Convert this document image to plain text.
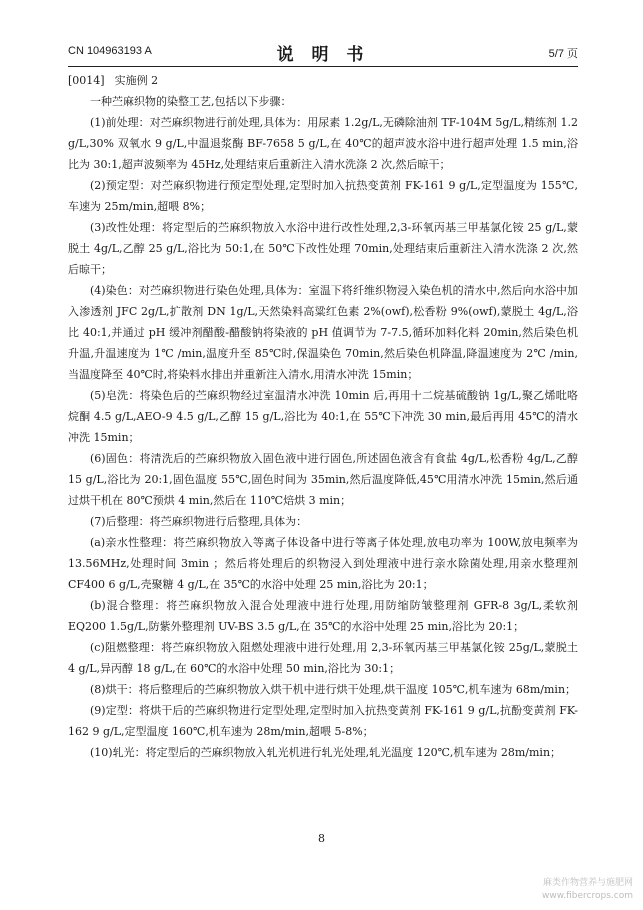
CN 104963193 A	说 明 书	5/7 页

[0014] 实施例 2

一种苎麻织物的染整工艺,包括以下步骤：

(1)前处理：对苎麻织物进行前处理,具体为：用尿素 1.2g/L,无磷除油剂 TF-104M 5g/L,精练剂 1.2 g/L,30% 双氧水 9 g/L,中温退浆酶 BF-7658 5 g/L,在 40℃的超声波水浴中进行超声处理 1.5 min,浴比为 30:1,超声波频率为 45Hz,处理结束后重新注入清水洗涤 2 次,然后晾干；

(2)预定型：对苎麻织物进行预定型处理,定型时加入抗热变黄剂 FK-161 9 g/L,定型温度为 155℃,车速为 25m/min,超喂 8%；

(3)改性处理：将定型后的苎麻织物放入水浴中进行改性处理,2,3-环氧丙基三甲基氯化铵 25 g/L,蒙脱土 4g/L,乙醇 25 g/L,浴比为 50:1,在 50℃下改性处理 70min,处理结束后重新注入清水洗涤 2 次,然后晾干；

(4)染色：对苎麻织物进行染色处理,具体为：室温下将纤维织物浸入染色机的清水中,然后向水浴中加入渗透剂 JFC 2g/L,扩散剂 DN 1g/L,天然染料高粱红色素 2%(owf),松香粉 9%(owf),蒙脱土 4g/L,浴比 40:1,并通过 pH 缓冲剂醋酸-醋酸钠将染液的 pH 值调节为 7-7.5,循环加料化料 20min,然后染色机升温,升温速度为 1℃ /min,温度升至 85℃时,保温染色 70min,然后染色机降温,降温速度为 2℃ /min,当温度降至 40℃时,将染料水排出并重新注入清水,用清水冲洗 15min；

(5)皂洗：将染色后的苎麻织物经过室温清水冲洗 10min 后,再用十二烷基硫酸钠 1g/L,聚乙烯吡咯烷酮 4.5 g/L,AEO-9 4.5 g/L,乙醇 15 g/L,浴比为 40:1,在 55℃下冲洗 30 min,最后再用 45℃的清水冲洗 15min；

(6)固色：将清洗后的苎麻织物放入固色液中进行固色,所述固色液含有食盐 4g/L,松香粉 4g/L,乙醇 15 g/L,浴比为 20:1,固色温度 55℃,固色时间为 35min,然后温度降低,45℃用清水冲洗 15min,然后通过烘干机在 80℃预烘 4 min,然后在 110℃焙烘 3 min；

(7)后整理：将苎麻织物进行后整理,具体为：

(a)亲水性整理：将苎麻织物放入等离子体设备中进行等离子体处理,放电功率为 100W,放电频率为 13.56MHz,处理时间 3min ；然后将处理后的织物浸入到处理液中进行亲水除菌处理,用亲水整理剂 CF400 6 g/L,壳聚糖 4 g/L,在 35℃的水浴中处理 25 min,浴比为 20:1；

(b)混合整理：将苎麻织物放入混合处理液中进行处理,用防缩防皱整理剂 GFR-8 3g/L,柔软剂 EQ200 1.5g/L,防紫外整理剂 UV-BS 3.5 g/L,在 35℃的水浴中处理 25 min,浴比为 20:1；

(c)阻燃整理：将苎麻织物放入阻燃处理液中进行处理,用 2,3-环氧丙基三甲基氯化铵 25g/L,蒙脱土 4 g/L,异丙醇 18 g/L,在 60℃的水浴中处理 50 min,浴比为 30:1；

(8)烘干：将后整理后的苎麻织物放入烘干机中进行烘干处理,烘干温度 105℃,机车速为 68m/min；

(9)定型：将烘干后的苎麻织物进行定型处理,定型时加入抗热变黄剂 FK-161 9 g/L,抗酚变黄剂 FK-162 9 g/L,定型温度 160℃,机车速为 28m/min,超喂 5-8%；

(10)轧光：将定型后的苎麻织物放入轧光机进行轧光处理,轧光温度 120℃,机车速为 28m/min；

8
麻类作物营养与施肥网
www.fibercrops.com
